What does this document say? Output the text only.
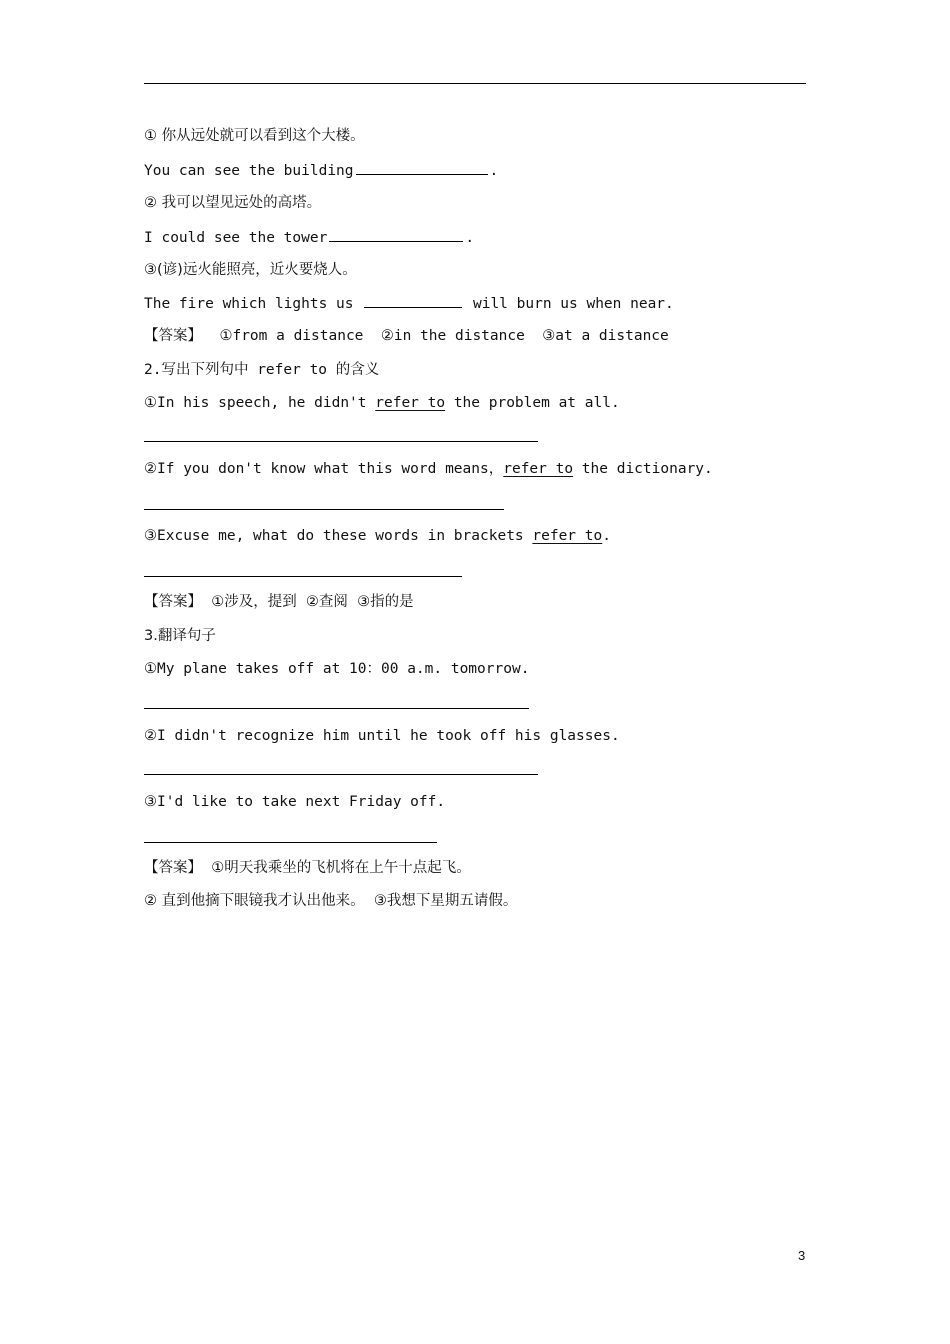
① 你从远处就可以看到这个大楼。
You can see the building	.
② 我可以望见远处的高塔。
I could see the tower	.
③(谚)远火能照亮，近火要烧人。
The fire which lights us	will burn us when near.
【答案】 ①from a distance  ②in the distance  ③at a distance
2.写出下列句中 refer to 的含义
①In his speech, he didn't refer to the problem at all.
②If you don't know what this word means，refer to the dictionary.
③Excuse me, what do these words in brackets refer to.
【答案】 ①涉及，提到  ②查阅  ③指的是
3.翻译句子
①My plane takes off at 10：00 a.m. tomorrow.
②I didn't recognize him until he took off his glasses.
③I'd like to take next Friday off.
【答案】 ①明天我乘坐的飞机将在上午十点起飞。
② 直到他摘下眼镜我才认出他来。  ③我想下星期五请假。
3
